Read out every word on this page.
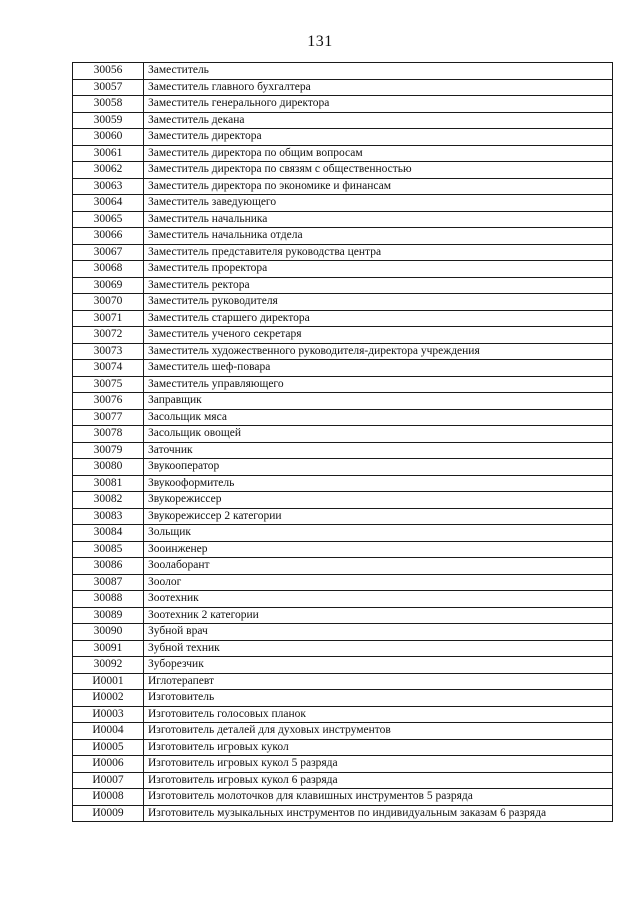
131
30056	Заместитель
30057	Заместитель главного бухгалтера
30058	Заместитель генерального директора
30059	Заместитель декана
30060	Заместитель директора
30061	Заместитель директора по общим вопросам
30062	Заместитель директора по связям с общественностью
30063	Заместитель директора по экономике и финансам
30064	Заместитель заведующего
30065	Заместитель начальника
30066	Заместитель начальника отдела
30067	Заместитель представителя руководства центра
30068	Заместитель проректора
30069	Заместитель ректора
30070	Заместитель руководителя
30071	Заместитель старшего директора
30072	Заместитель ученого секретаря
30073	Заместитель художественного руководителя-директора учреждения
30074	Заместитель шеф-повара
30075	Заместитель управляющего
30076	Заправщик
30077	Засольщик мяса
30078	Засольщик овощей
30079	Заточник
30080	Звукооператор
30081	Звукооформитель
30082	Звукорежиссер
30083	Звукорежиссер 2 категории
30084	Зольщик
30085	Зооинженер
30086	Зоолаборант
30087	Зоолог
30088	Зоотехник
30089	Зоотехник 2 категории
30090	Зубной врач
30091	Зубной техник
30092	Зуборезчик
И0001	Иглотерапевт
И0002	Изготовитель
И0003	Изготовитель голосовых планок
И0004	Изготовитель деталей для духовых инструментов
И0005	Изготовитель игровых кукол
И0006	Изготовитель игровых кукол 5 разряда
И0007	Изготовитель игровых кукол 6 разряда
И0008	Изготовитель молоточков для клавишных инструментов 5 разряда
И0009	Изготовитель музыкальных инструментов по индивидуальным заказам 6 разряда
